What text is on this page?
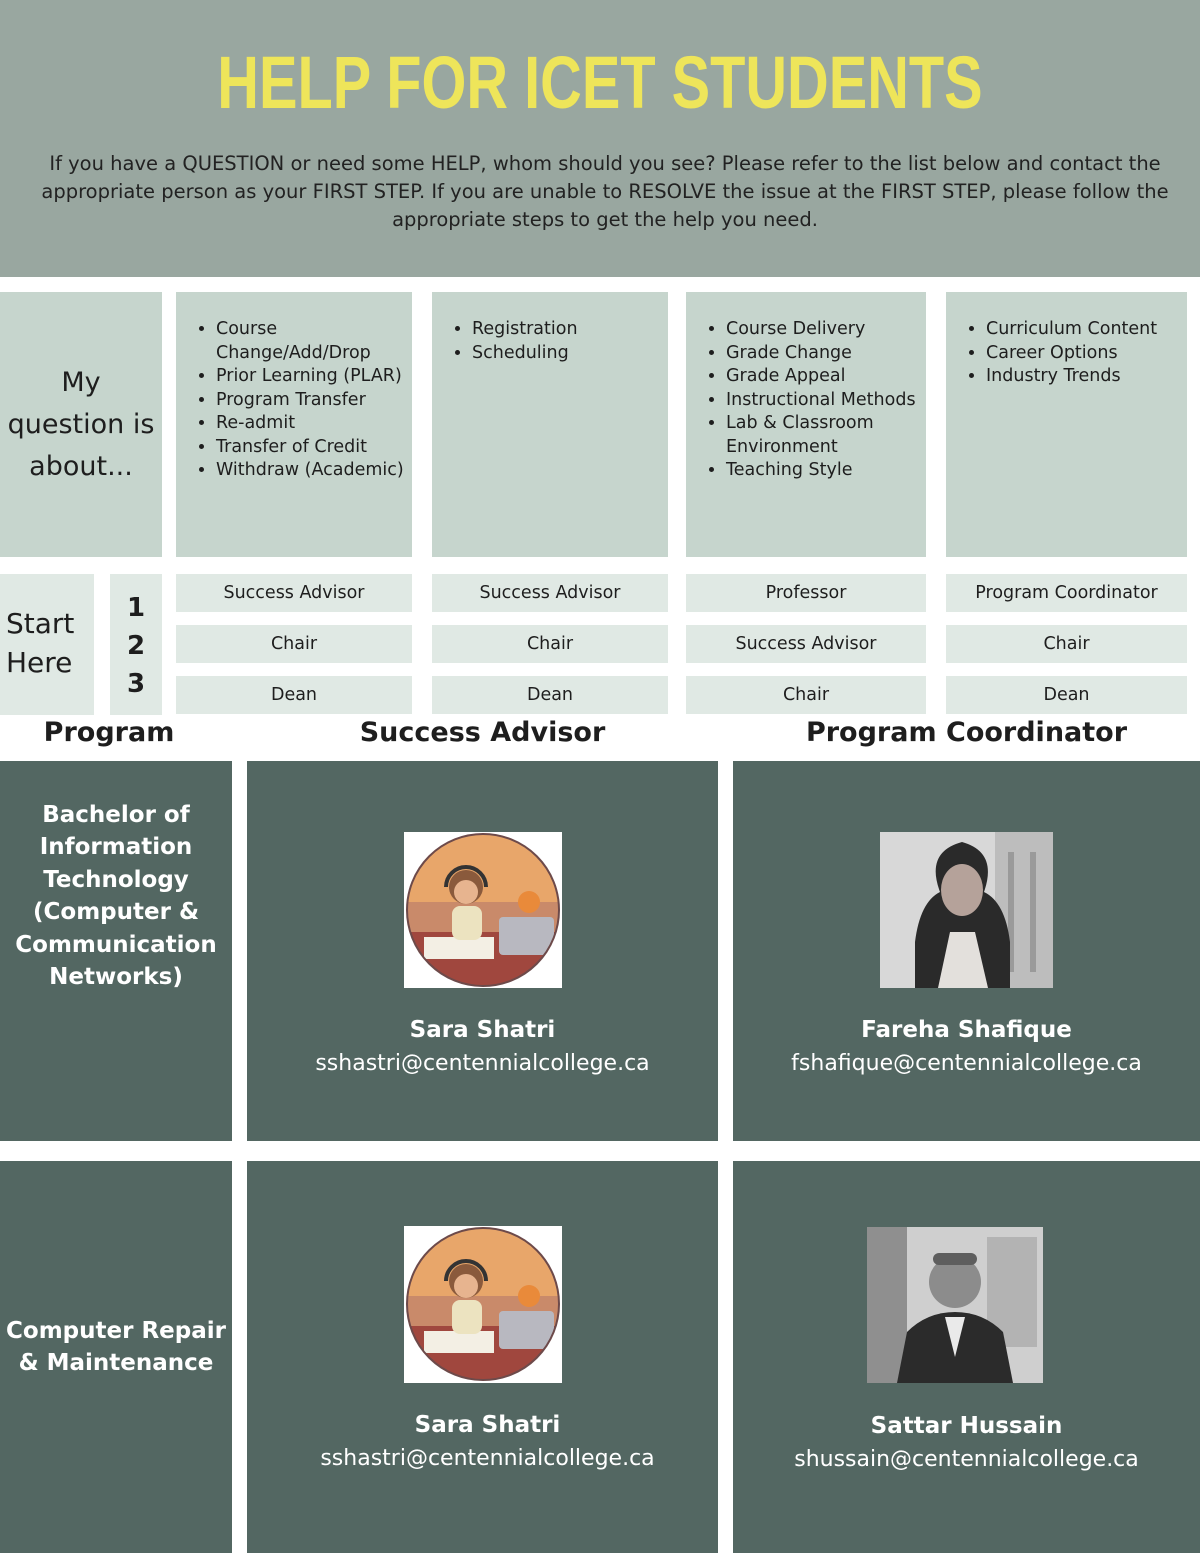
HELP FOR ICET STUDENTS
If you have a QUESTION or need some HELP, whom should you see? Please refer to the list below and contact the appropriate person as your FIRST STEP. If you are unable to RESOLVE the issue at the FIRST STEP, please follow the appropriate steps to get the help you need.
My question is about...
• Course Change/Add/Drop
• Prior Learning (PLAR)
• Program Transfer
• Re-admit
• Transfer of Credit
• Withdraw (Academic)
• Registration
• Scheduling
• Course Delivery
• Grade Change
• Grade Appeal
• Instructional Methods
• Lab & Classroom Environment
• Teaching Style
• Curriculum Content
• Career Options
• Industry Trends
Start Here
1
2
3
Success Advisor
Chair
Dean
Success Advisor
Chair
Dean
Professor
Success Advisor
Chair
Program Coordinator
Chair
Dean
Program	Success Advisor	Program Coordinator
Bachelor of Information Technology (Computer & Communication Networks)
Sara Shatri
sshastri@centennialcollege.ca
Fareha Shafique
fshafique@centennialcollege.ca
Computer Repair & Maintenance
Sara Shatri
sshastri@centennialcollege.ca
Sattar Hussain
shussain@centennialcollege.ca
